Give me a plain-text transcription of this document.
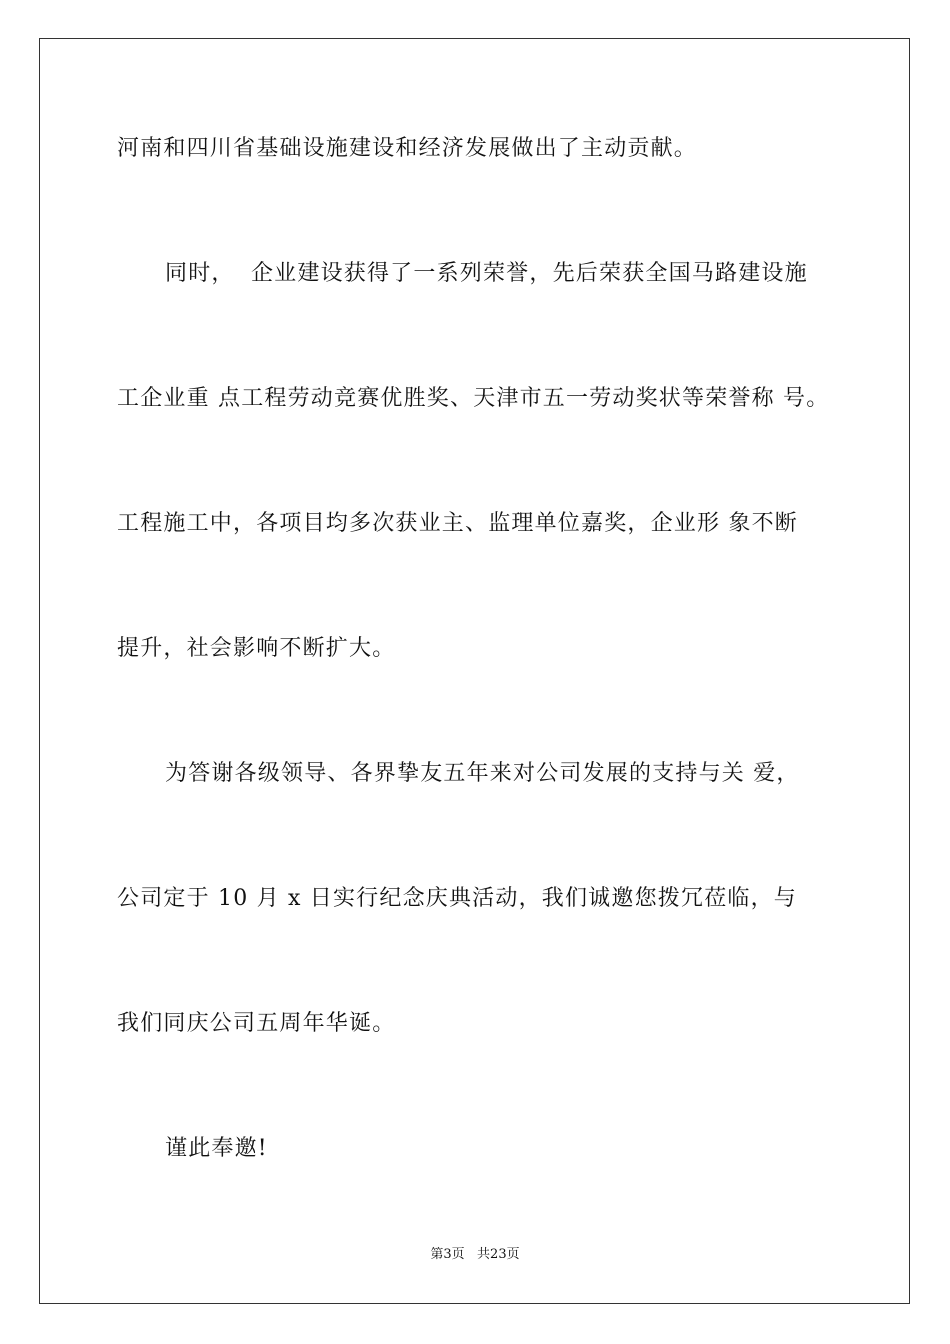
河南和四川省基础设施建设和经济发展做出了主动贡献。
同时，  企业建设获得了一系列荣誉，先后荣获全国马路建设施
工企业重 点工程劳动竞赛优胜奖、天津市五一劳动奖状等荣誉称 号。
工程施工中，各项目均多次获业主、监理单位嘉奖，企业形 象不断
提升，社会影响不断扩大。
为答谢各级领导、各界挚友五年来对公司发展的支持与关 爱，
公司定于 10 月 x 日实行纪念庆典活动，我们诚邀您拨冗莅临，与
我们同庆公司五周年华诞。
谨此奉邀!
第3页   共23页
